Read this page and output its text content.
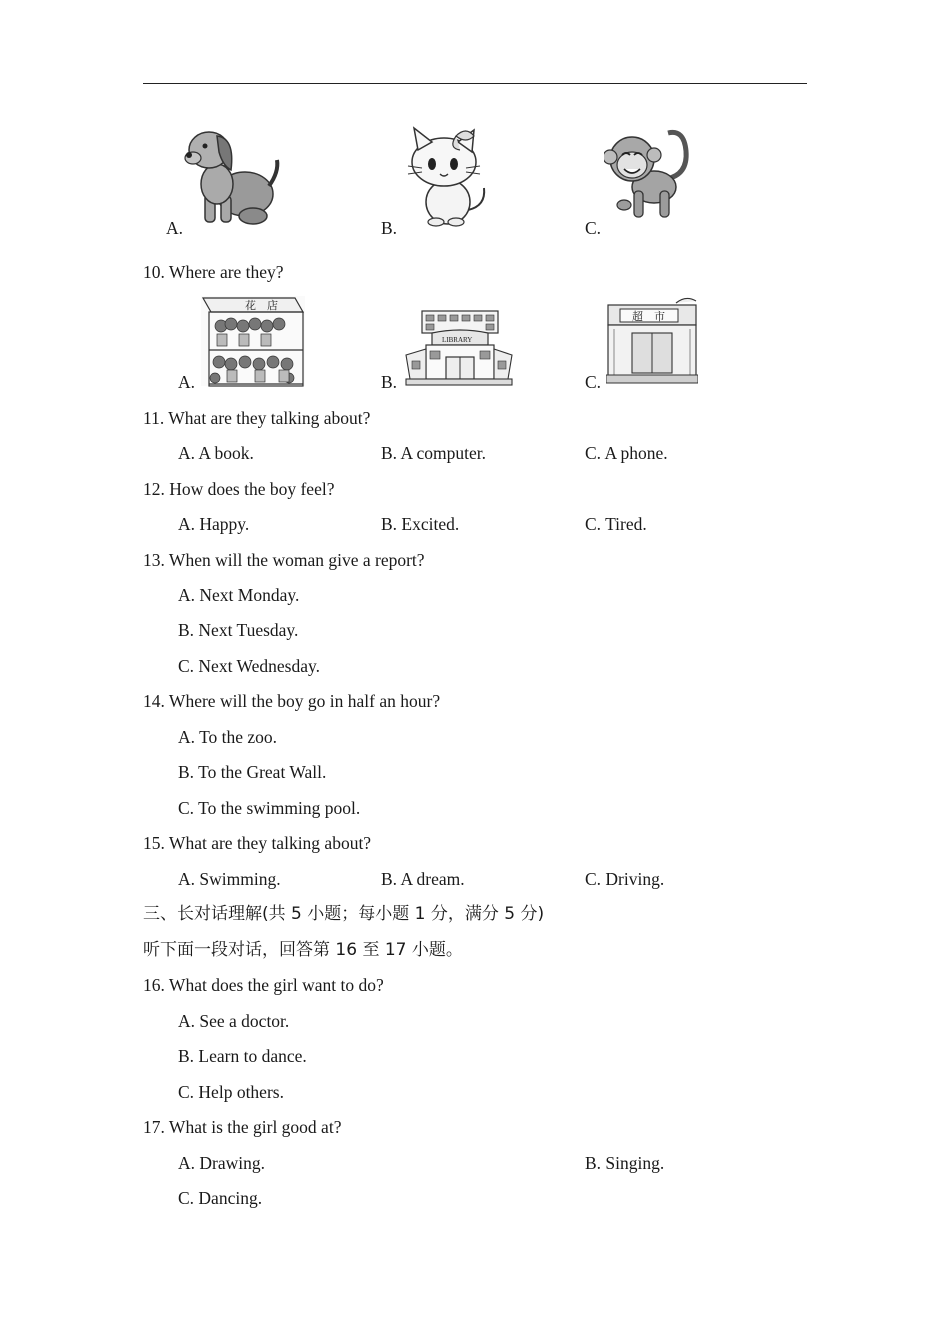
A.	B.	C.
10. Where are they?
花　店
A.
LIBRARY
B.
超　市
C.
11. What are they talking about?
A. A book.	B. A computer.	C. A phone.
12. How does the boy feel?
A. Happy.	B. Excited.	C. Tired.
13. When will the woman give a report?
A. Next Monday.
B. Next Tuesday.
C. Next Wednesday.
14. Where will the boy go in half an hour?
A. To the zoo.
B. To the Great Wall.
C. To the swimming pool.
15. What are they talking about?
A. Swimming.	B. A dream.	C. Driving.
三、长对话理解(共 5 小题；每小题 1 分，满分 5 分)
听下面一段对话，回答第 16 至 17 小题。
16. What does the girl want to do?
A. See a doctor.
B. Learn to dance.
C. Help others.
17. What is the girl good at?
A. Drawing.	B. Singing.
C. Dancing.
